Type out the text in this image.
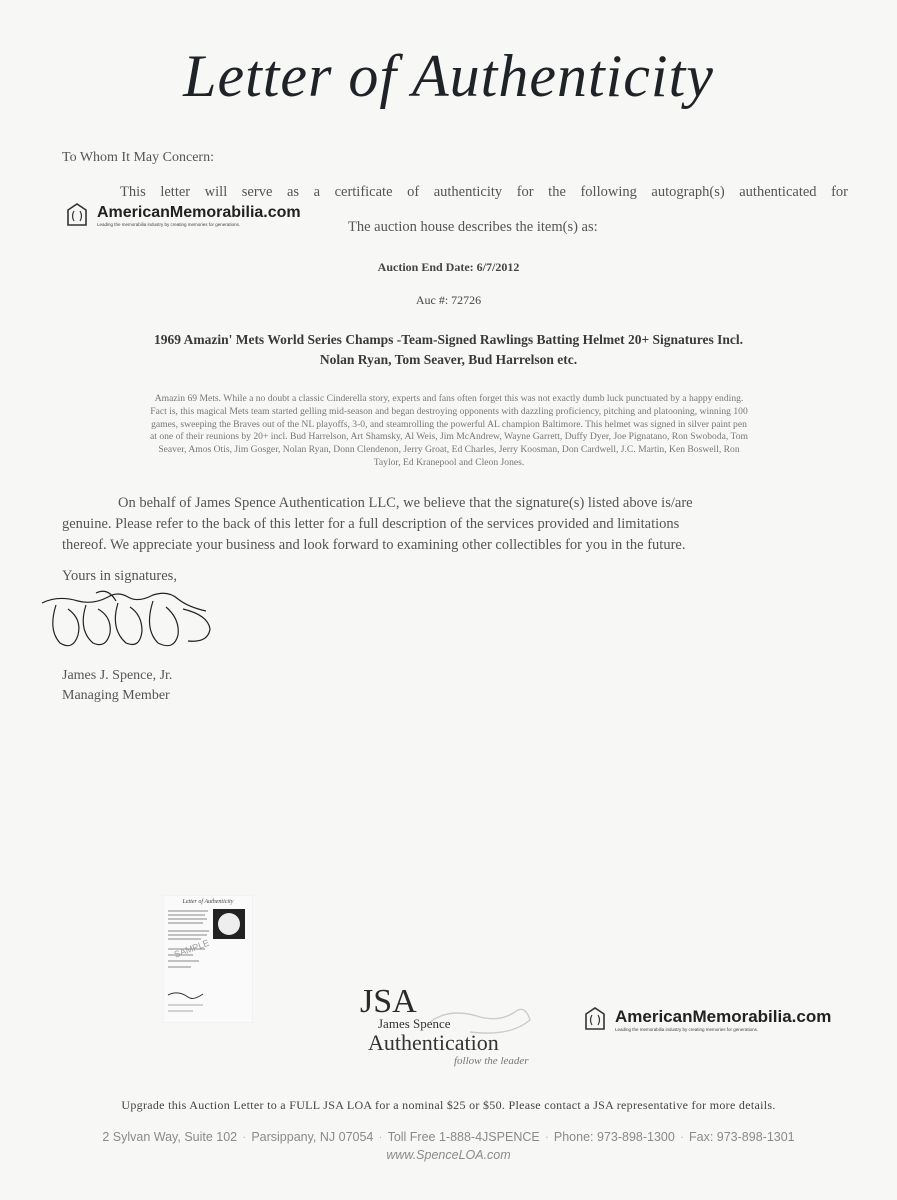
Letter of Authenticity
To Whom It May Concern:
This letter will serve as a certificate of authenticity for the following autograph(s) authenticated for
AmericanMemorabilia.com
Leading the memorabilia industry by creating memories for generations.	The auction house describes the item(s) as:
Auction End Date: 6/7/2012
Auc #: 72726
1969 Amazin' Mets World Series Champs -Team-Signed Rawlings Batting Helmet 20+ Signatures Incl.
Nolan Ryan, Tom Seaver, Bud Harrelson etc.
Amazin 69 Mets. While a no doubt a classic Cinderella story, experts and fans often forget this was not exactly dumb luck punctuated by a happy ending.
Fact is, this magical Mets team started gelling mid-season and began destroying opponents with dazzling proficiency, pitching and platooning, winning 100
games, sweeping the Braves out of the NL playoffs, 3-0, and steamrolling the powerful AL champion Baltimore. This helmet was signed in silver paint pen
at one of their reunions by 20+ incl. Bud Harrelson, Art Shamsky, Al Weis, Jim McAndrew, Wayne Garrett, Duffy Dyer, Joe Pignatano, Ron Swoboda, Tom
Seaver, Amos Otis, Jim Gosger, Nolan Ryan, Donn Clendenon, Jerry Groat, Ed Charles, Jerry Koosman, Don Cardwell, J.C. Martin, Ken Boswell, Ron
Taylor, Ed Kranepool and Cleon Jones.
On behalf of James Spence Authentication LLC, we believe that the signature(s) listed above is/are
genuine. Please refer to the back of this letter for a full description of the services provided and limitations
thereof. We appreciate your business and look forward to examining other collectibles for you in the future.
Yours in signatures,
James J. Spence, Jr.
Managing Member
Letter of Authenticity
SAMPLE
JSA
James Spence
Authentication
follow the leader
AmericanMemorabilia.com
Leading the memorabilia industry by creating memories for generations.
Upgrade this Auction Letter to a FULL JSA LOA for a nominal $25 or $50. Please contact a JSA representative for more details.
2 Sylvan Way, Suite 102 · Parsippany, NJ 07054 · Toll Free 1-888-4JSPENCE · Phone: 973-898-1300 · Fax: 973-898-1301
www.SpenceLOA.com
